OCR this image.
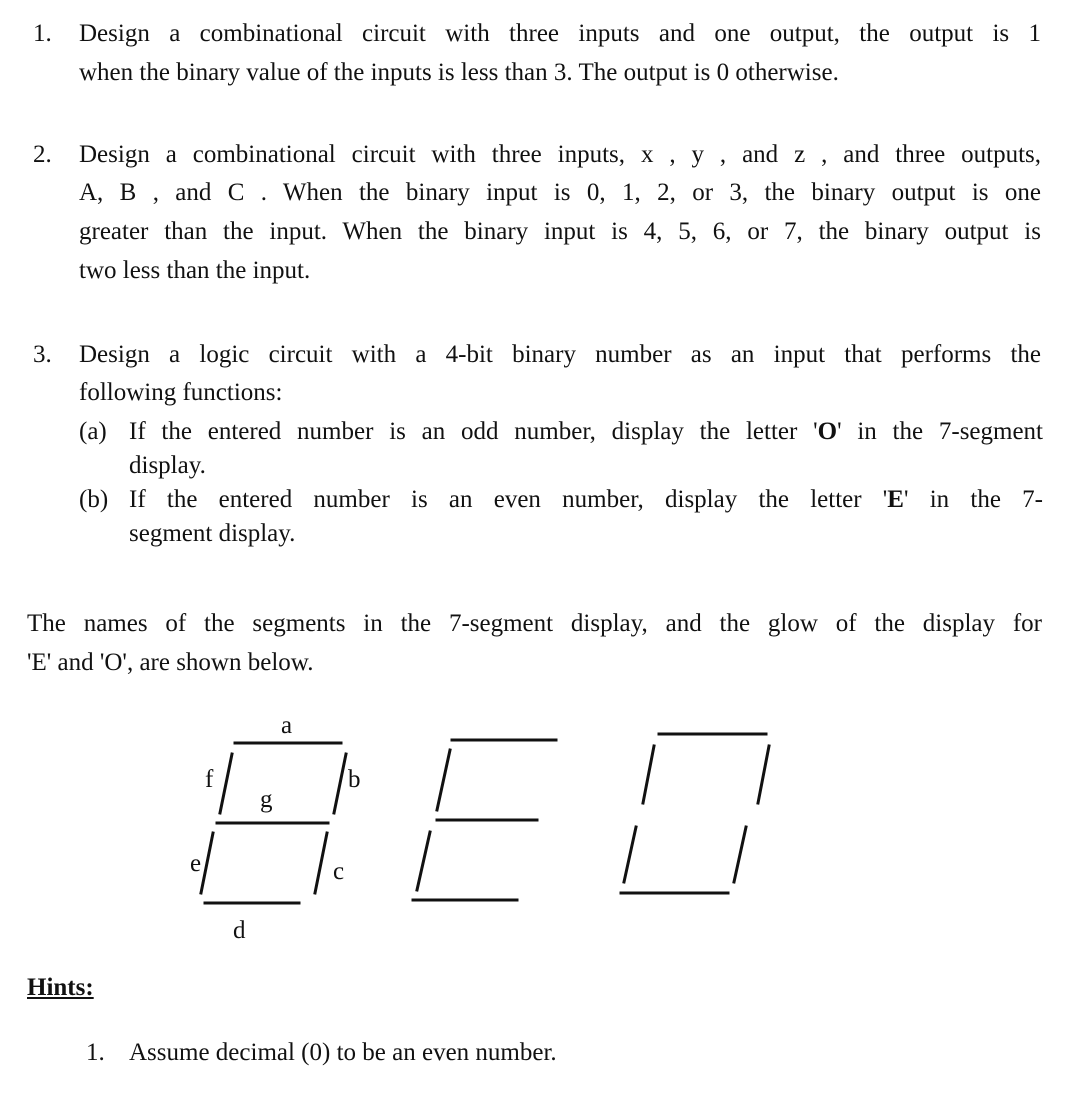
1. Design a combinational circuit with three inputs and one output, the output is 1
when the binary value of the inputs is less than 3. The output is 0 otherwise.
2. Design a combinational circuit with three inputs, x , y , and z , and three outputs,
A, B , and C . When the binary input is 0, 1, 2, or 3, the binary output is one
greater than the input. When the binary input is 4, 5, 6, or 7, the binary output is
two less than the input.
3. Design a logic circuit with a 4-bit binary number as an input that performs the
following functions:
(a) If the entered number is an odd number, display the letter 'O' in the 7-segment
display.
(b) If the entered number is an even number, display the letter 'E' in the 7-
segment display.
The names of the segments in the 7-segment display, and the glow of the display for
'E' and 'O', are shown below.
a
f	b
g
e	c
d
Hints:
1. Assume decimal (0) to be an even number.
